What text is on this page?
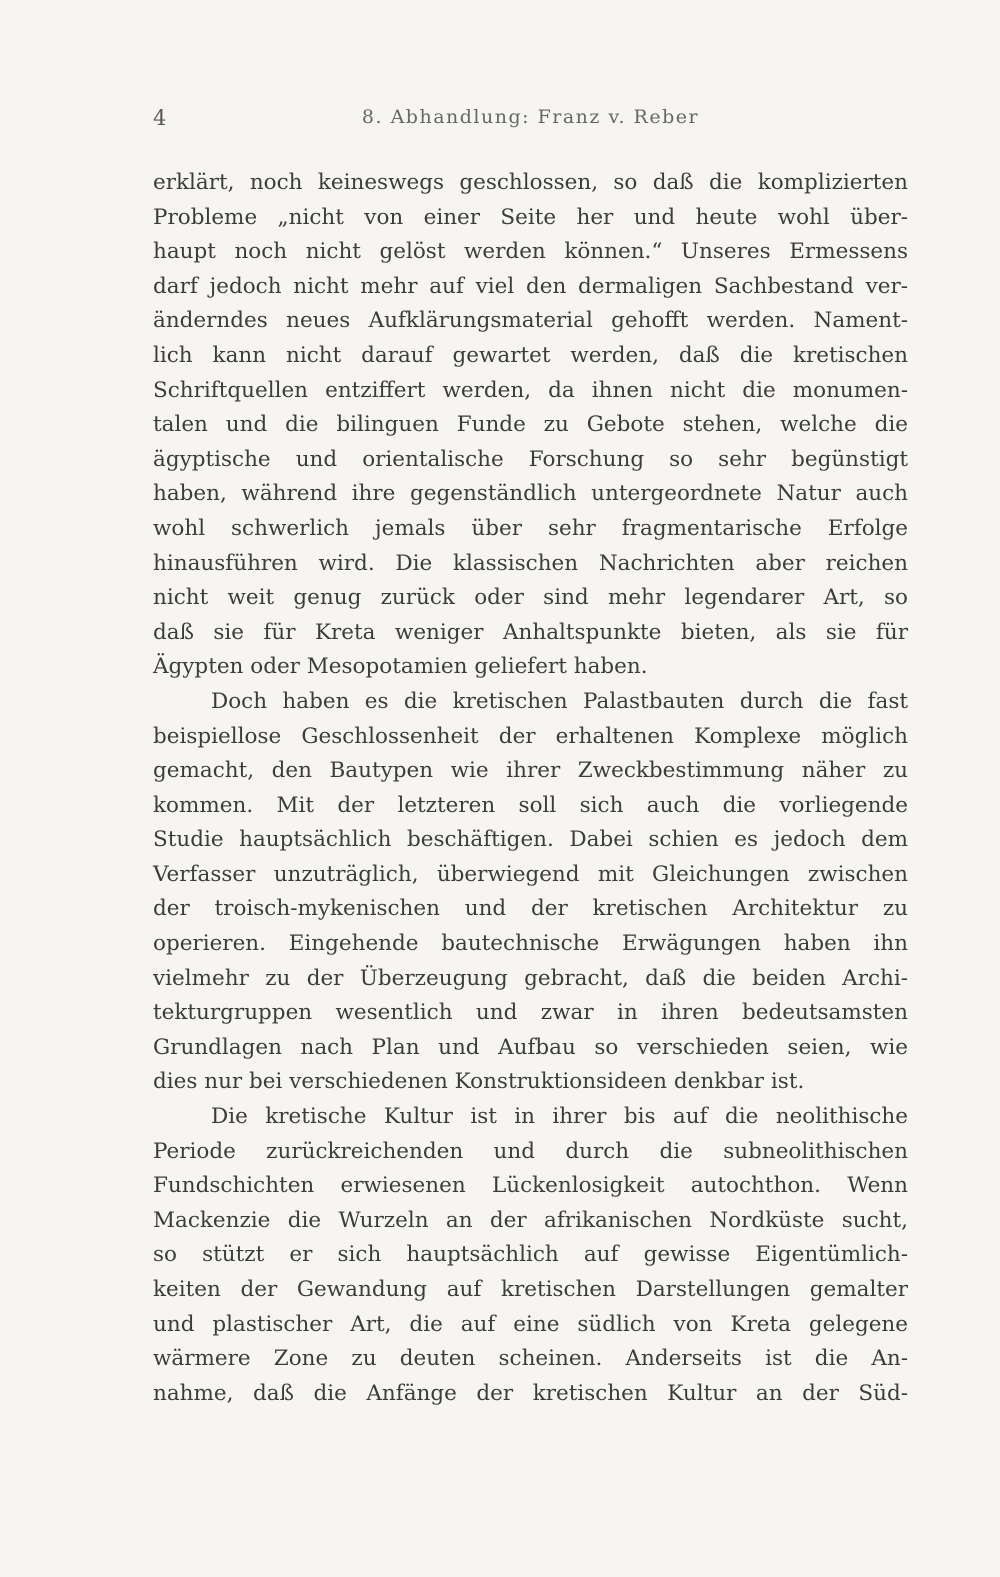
4	8. Abhandlung: Franz v. Reber
erklärt, noch keineswegs geschlossen, so daß die komplizierten
Probleme „nicht von einer Seite her und heute wohl über-
haupt noch nicht gelöst werden können.“ Unseres Ermessens
darf jedoch nicht mehr auf viel den dermaligen Sachbestand ver-
änderndes neues Aufklärungsmaterial gehofft werden. Nament-
lich kann nicht darauf gewartet werden, daß die kretischen
Schriftquellen entziffert werden, da ihnen nicht die monumen-
talen und die bilinguen Funde zu Gebote stehen, welche die
ägyptische und orientalische Forschung so sehr begünstigt
haben, während ihre gegenständlich untergeordnete Natur auch
wohl schwerlich jemals über sehr fragmentarische Erfolge
hinausführen wird. Die klassischen Nachrichten aber reichen
nicht weit genug zurück oder sind mehr legendarer Art, so
daß sie für Kreta weniger Anhaltspunkte bieten, als sie für
Ägypten oder Mesopotamien geliefert haben.
Doch haben es die kretischen Palastbauten durch die fast
beispiellose Geschlossenheit der erhaltenen Komplexe möglich
gemacht, den Bautypen wie ihrer Zweckbestimmung näher zu
kommen. Mit der letzteren soll sich auch die vorliegende
Studie hauptsächlich beschäftigen. Dabei schien es jedoch dem
Verfasser unzuträglich, überwiegend mit Gleichungen zwischen
der troisch-mykenischen und der kretischen Architektur zu
operieren. Eingehende bautechnische Erwägungen haben ihn
vielmehr zu der Überzeugung gebracht, daß die beiden Archi-
tekturgruppen wesentlich und zwar in ihren bedeutsamsten
Grundlagen nach Plan und Aufbau so verschieden seien, wie
dies nur bei verschiedenen Konstruktionsideen denkbar ist.
Die kretische Kultur ist in ihrer bis auf die neolithische
Periode zurückreichenden und durch die subneolithischen
Fundschichten erwiesenen Lückenlosigkeit autochthon. Wenn
Mackenzie die Wurzeln an der afrikanischen Nordküste sucht,
so stützt er sich hauptsächlich auf gewisse Eigentümlich-
keiten der Gewandung auf kretischen Darstellungen gemalter
und plastischer Art, die auf eine südlich von Kreta gelegene
wärmere Zone zu deuten scheinen. Anderseits ist die An-
nahme, daß die Anfänge der kretischen Kultur an der Süd-
